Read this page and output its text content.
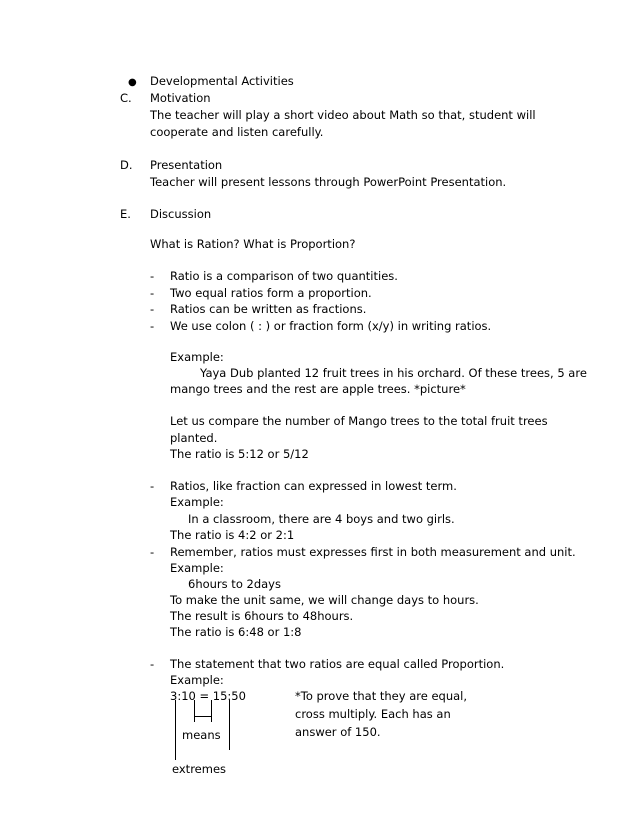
● Developmental Activities
C. Motivation
The teacher will play a short video about Math so that, student will
cooperate and listen carefully.
D. Presentation
Teacher will present lessons through PowerPoint Presentation.
E. Discussion
What is Ration? What is Proportion?
- Ratio is a comparison of two quantities.
- Two equal ratios form a proportion.
- Ratios can be written as fractions.
- We use colon ( : ) or fraction form (x/y) in writing ratios.
Example:
Yaya Dub planted 12 fruit trees in his orchard. Of these trees, 5 are
mango trees and the rest are apple trees. *picture*
Let us compare the number of Mango trees to the total fruit trees
planted.
The ratio is 5:12 or 5/12
- Ratios, like fraction can expressed in lowest term.
Example:
In a classroom, there are 4 boys and two girls.
The ratio is 4:2 or 2:1
- Remember, ratios must expresses first in both measurement and unit.
Example:
6hours to 2days
To make the unit same, we will change days to hours.
The result is 6hours to 48hours.
The ratio is 6:48 or 1:8
- The statement that two ratios are equal called Proportion.
Example:
3:10 = 15:50
means
extremes
*To prove that they are equal,
cross multiply. Each has an
answer of 150.
